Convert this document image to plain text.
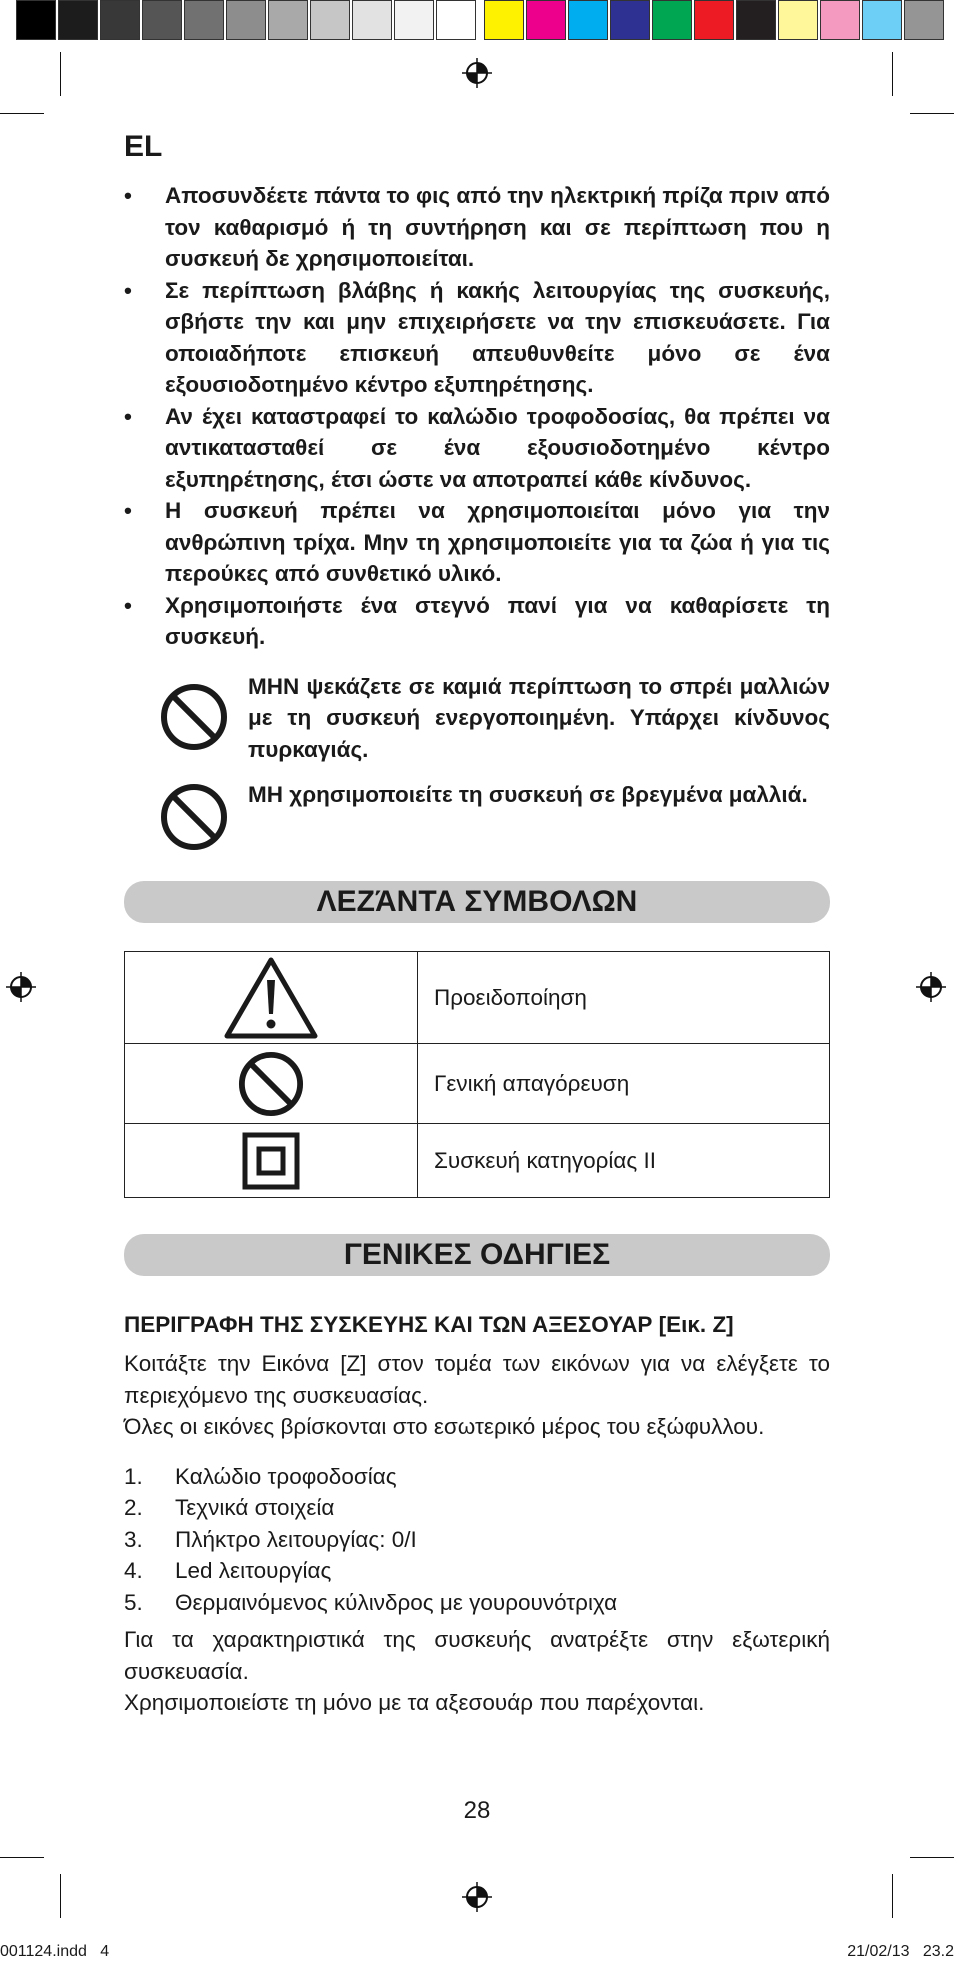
EL
• Αποσυνδέετε πάντα το φις από την ηλεκτρική πρίζα πριν από τον καθαρισμό ή τη συντήρηση και σε περίπτωση που η συσκευή δε χρησιμοποιείται.
• Σε περίπτωση βλάβης ή κακής λειτουργίας της συσκευής, σβήστε την και μην επιχειρήσετε να την επισκευάσετε. Για οποιαδήποτε επισκευή απευθυνθείτε μόνο σε ένα εξουσιοδοτημένο κέντρο εξυπηρέτησης.
• Αν έχει καταστραφεί το καλώδιο τροφοδοσίας, θα πρέπει να αντικατασταθεί σε ένα εξουσιοδοτημένο κέντρο εξυπηρέτησης, έτσι ώστε να αποτραπεί κάθε κίνδυνος.
• Η συσκευή πρέπει να χρησιμοποιείται μόνο για την ανθρώπινη τρίχα. Μην τη χρησιμοποιείτε για τα ζώα ή για τις περούκες από συνθετικό υλικό.
• Χρησιμοποιήστε ένα στεγνό πανί για να καθαρίσετε τη συσκευή.
ΜΗΝ ψεκάζετε σε καμιά περίπτωση το σπρέι μαλλιών με τη συσκευή ενεργοποιημένη. Υπάρχει κίνδυνος πυρκαγιάς.
ΜΗ χρησιμοποιείτε τη συσκευή σε βρεγμένα μαλλιά.
ΛΕΖΆΝΤΑ ΣΥΜΒΟΛΩΝ
	Προειδοποίηση

	Γενική απαγόρευση

	Συσκευή κατηγορίας II
ΓΕΝΙΚΕΣ ΟΔΗΓΙΕΣ
ΠΕΡΙΓΡΑΦΗ ΤΗΣ ΣΥΣΚΕΥΗΣ ΚΑΙ ΤΩΝ ΑΞΕΣΟΥΑΡ [Εικ. Ζ]

Κοιτάξτε την Εικόνα [Ζ] στον τομέα των εικόνων για να ελέγξετε το περιεχόμενο της συσκευασίας.

Όλες οι εικόνες βρίσκονται στο εσωτερικό μέρος του εξώφυλλου.

1.	Καλώδιο τροφοδοσίας
2.	Τεχνικά στοιχεία
3.	Πλήκτρο λειτουργίας: 0/I
4.	Led λειτουργίας
5.	Θερμαινόμενος κύλινδρος με γουρουνότριχα

Για τα χαρακτηριστικά της συσκευής ανατρέξτε στην εξωτερική συσκευασία.

Χρησιμοποιείστε τη μόνο με τα αξεσουάρ που παρέχονται.

28
001124.indd   4	21/02/13   23.2
